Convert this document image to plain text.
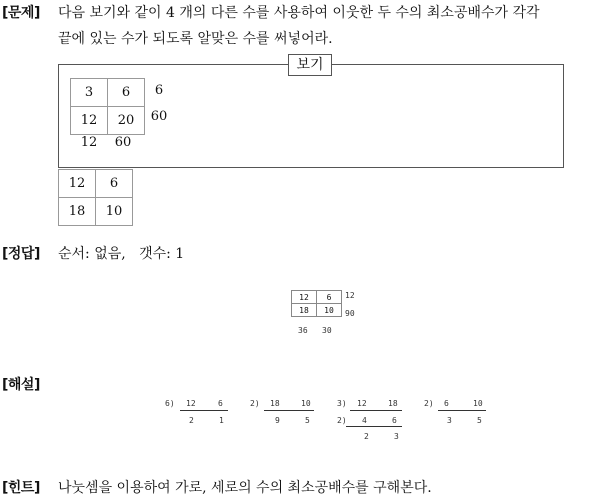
[문제] 다음 보기와 같이 4 개의 다른 수를 사용하여 이웃한 두 수의 최소공배수가 각각
끝에 있는 수가 되도록 알맞은 수를 써넣어라.
보기
3	6
12	20
6
60
12	60
12	6
18	10
[정답] 순서: 없음,   갯수: 1
12	6
18	10
12
90
36 30
[해설]
6) 12	6
2	1
2) 18	10
9	5
3) 12	18
2) 4	6
2	3
2) 6	10
3	5
[힌트] 나눗셈을 이용하여 가로, 세로의 수의 최소공배수를 구해본다.
